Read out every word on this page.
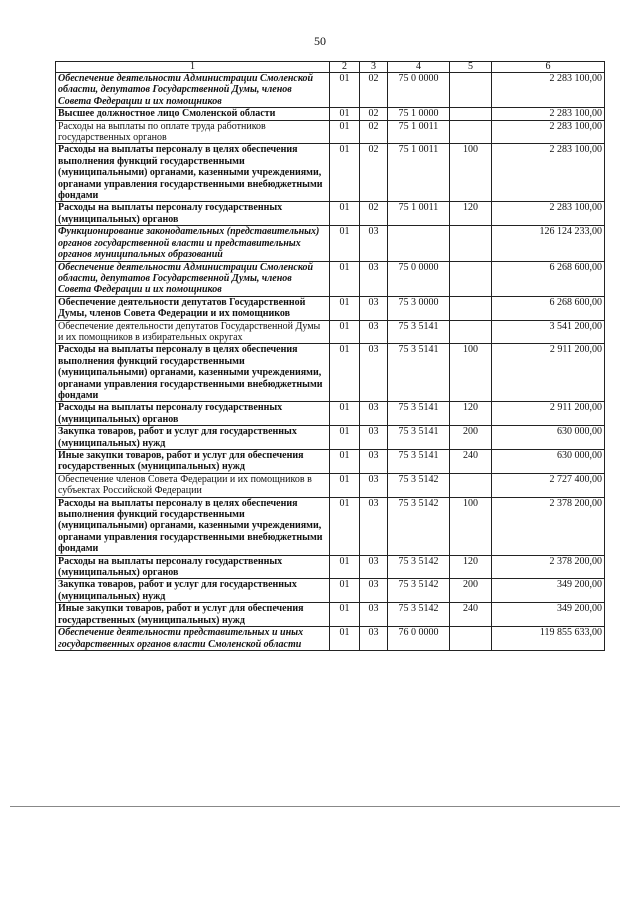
50
1	2	3	4	5	6
Обеспечение деятельности Администрации Смоленской области, депутатов Государственной Думы, членов Совета Федерации и их помощников	01	02	75 0 0000		2 283 100,00
Высшее должностное лицо Смоленской области	01	02	75 1 0000		2 283 100,00
Расходы на выплаты по оплате труда работников государственных органов	01	02	75 1 0011		2 283 100,00
Расходы на выплаты персоналу в целях обеспечения выполнения функций государственными (муниципальными) органами, казенными учреждениями, органами управления государственными внебюджетными фондами	01	02	75 1 0011	100	2 283 100,00
Расходы на выплаты персоналу государственных (муниципальных) органов	01	02	75 1 0011	120	2 283 100,00
Функционирование законодательных (представительных) органов государственной власти и представительных органов муниципальных образований	01	03			126 124 233,00
Обеспечение деятельности Администрации Смоленской области, депутатов Государственной Думы, членов Совета Федерации и их помощников	01	03	75 0 0000		6 268 600,00
Обеспечение деятельности депутатов Государственной Думы, членов Совета Федерации и их помощников	01	03	75 3 0000		6 268 600,00
Обеспечение деятельности депутатов Государственной Думы и их помощников в избирательных округах	01	03	75 3 5141		3 541 200,00
Расходы на выплаты персоналу в целях обеспечения выполнения функций государственными (муниципальными) органами, казенными учреждениями, органами управления государственными внебюджетными фондами	01	03	75 3 5141	100	2 911 200,00
Расходы на выплаты персоналу государственных (муниципальных) органов	01	03	75 3 5141	120	2 911 200,00
Закупка товаров, работ и услуг для государственных (муниципальных) нужд	01	03	75 3 5141	200	630 000,00
Иные закупки товаров, работ и услуг для обеспечения государственных (муниципальных) нужд	01	03	75 3 5141	240	630 000,00
Обеспечение членов Совета Федерации и их помощников в субъектах Российской Федерации	01	03	75 3 5142		2 727 400,00
Расходы на выплаты персоналу в целях обеспечения выполнения функций государственными (муниципальными) органами, казенными учреждениями, органами управления государственными внебюджетными фондами	01	03	75 3 5142	100	2 378 200,00
Расходы на выплаты персоналу государственных (муниципальных) органов	01	03	75 3 5142	120	2 378 200,00
Закупка товаров, работ и услуг для государственных (муниципальных) нужд	01	03	75 3 5142	200	349 200,00
Иные закупки товаров, работ и услуг для обеспечения государственных (муниципальных) нужд	01	03	75 3 5142	240	349 200,00
Обеспечение деятельности представительных и иных государственных органов власти Смоленской области	01	03	76 0 0000		119 855 633,00
